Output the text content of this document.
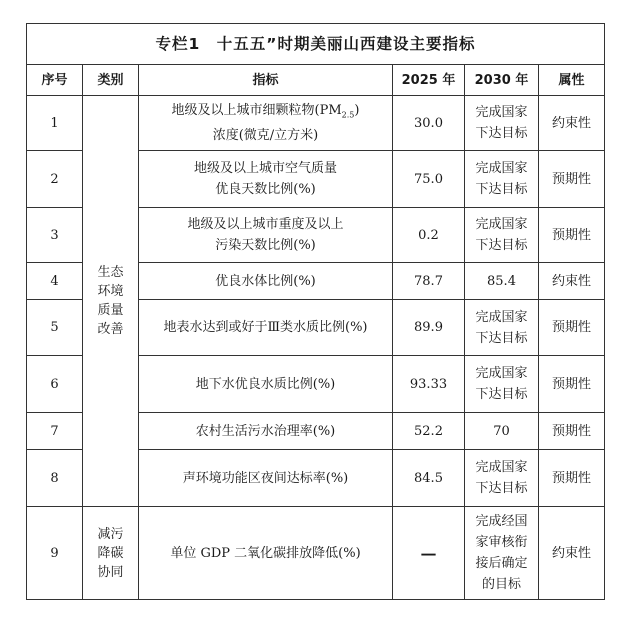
专栏1　十五五”时期美丽山西建设主要指标					
序号	类别	指标	2025 年	2030 年	属性
1	生态
环境
质量
改善	地级及以上城市细颗粒物$(PM_{2.5})$
浓度(微克/立方米)	30.0	完成国家
下达目标	约束性
2		地级及以上城市空气质量
优良天数比例(%)	75.0	完成国家
下达目标	预期性
3		地级及以上城市重度及以上
污染天数比例(%)	0.2	完成国家
下达目标	预期性
4		优良水体比例(%)	78.7	85.4	约束性
5		地表水达到或好于Ⅲ类水质比例(%)	89.9	完成国家
下达目标	预期性
6		地下水优良水质比例(%)	93.33	完成国家
下达目标	预期性
7		农村生活污水治理率(%)	52.2	70	预期性
8		声环境功能区夜间达标率(%)	84.5	完成国家
下达目标	预期性
9	减污
降碳
协同	单位 GDP 二氧化碳排放降低(%)	—	完成经国
家审核衔
接后确定
的目标	约束性
